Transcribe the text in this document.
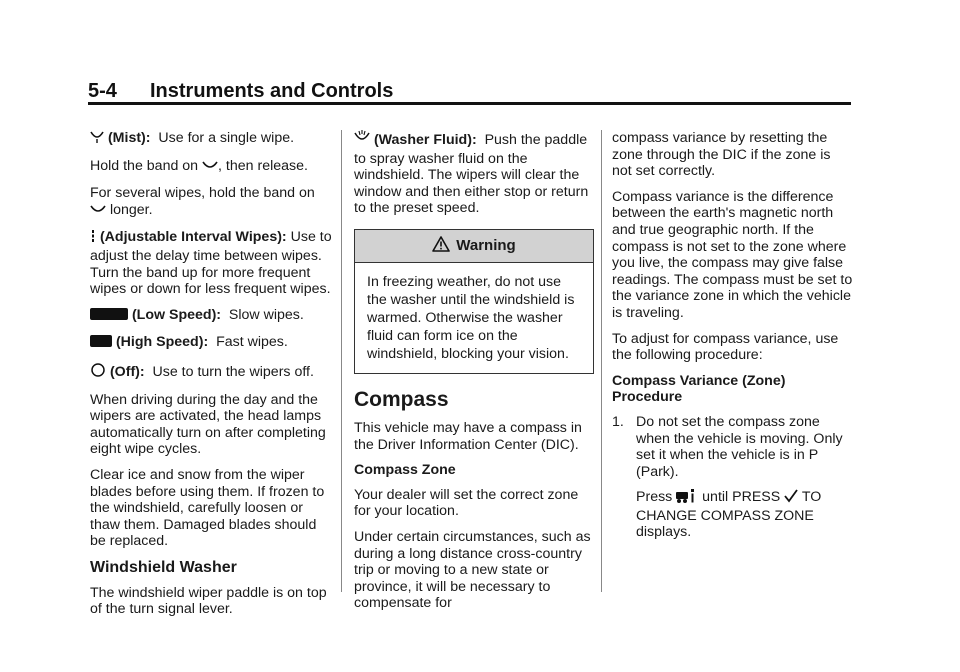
5-4 Instruments and Controls

(Mist): Use for a single wipe.

Hold the band on , then release.

For several wipes, hold the band on
longer.

(Adjustable Interval Wipes): Use to adjust the delay time between wipes. Turn the band up for more frequent wipes or down for less frequent wipes.

(Low Speed): Slow wipes.

(High Speed): Fast wipes.

(Off): Use to turn the wipers off.

When driving during the day and the wipers are activated, the head lamps automatically turn on after completing eight wipe cycles.

Clear ice and snow from the wiper blades before using them. If frozen to the windshield, carefully loosen or thaw them. Damaged blades should be replaced.

Windshield Washer

The windshield wiper paddle is on top of the turn signal lever.

(Washer Fluid): Push the paddle to spray washer fluid on the windshield. The wipers will clear the window and then either stop or return to the preset speed.

Warning
In freezing weather, do not use the washer until the windshield is warmed. Otherwise the washer fluid can form ice on the windshield, blocking your vision.
Compass

This vehicle may have a compass in the Driver Information Center (DIC).

Compass Zone

Your dealer will set the correct zone for your location.

Under certain circumstances, such as during a long distance cross-country trip or moving to a new state or province, it will be necessary to compensate for

compass variance by resetting the zone through the DIC if the zone is not set correctly.

Compass variance is the difference between the earth's magnetic north and true geographic north. If the compass is not set to the zone where you live, the compass may give false readings. The compass must be set to the variance zone in which the vehicle is traveling.

To adjust for compass variance, use the following procedure:

Compass Variance (Zone) Procedure

1. Do not set the compass zone when the vehicle is moving. Only set it when the vehicle is in P (Park).

Press until PRESS TO CHANGE COMPASS ZONE displays.
